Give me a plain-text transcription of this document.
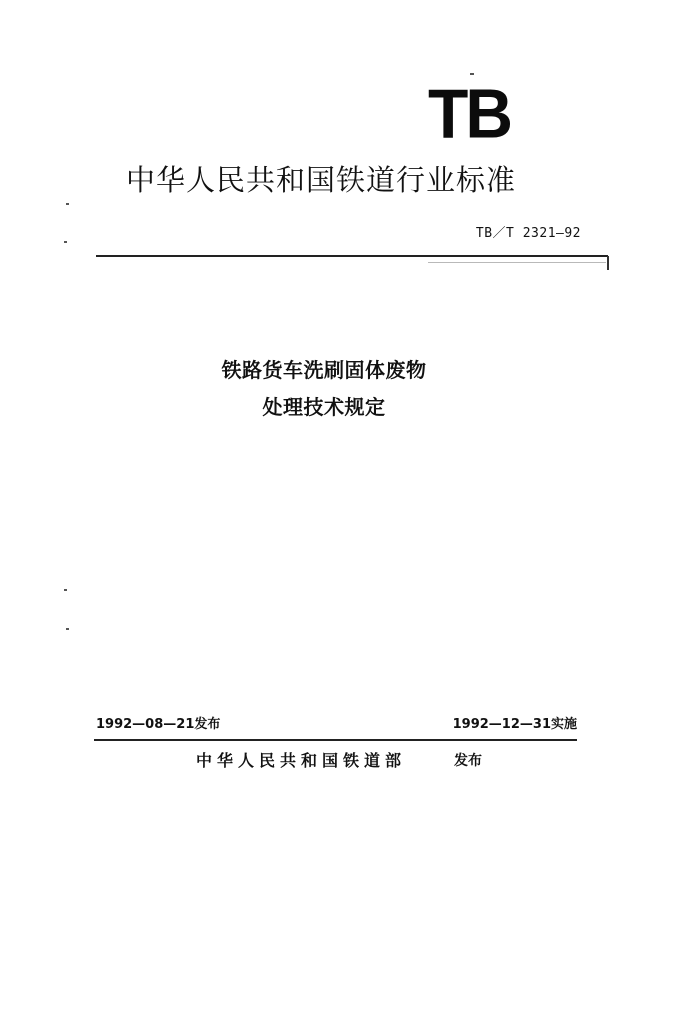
TB
中华人民共和国铁道行业标准
TB／T 2321—92
铁路货车洗刷固体废物
处理技术规定
1992—08—21发布	1992—12—31实施
中华人民共和国铁道部	发布
